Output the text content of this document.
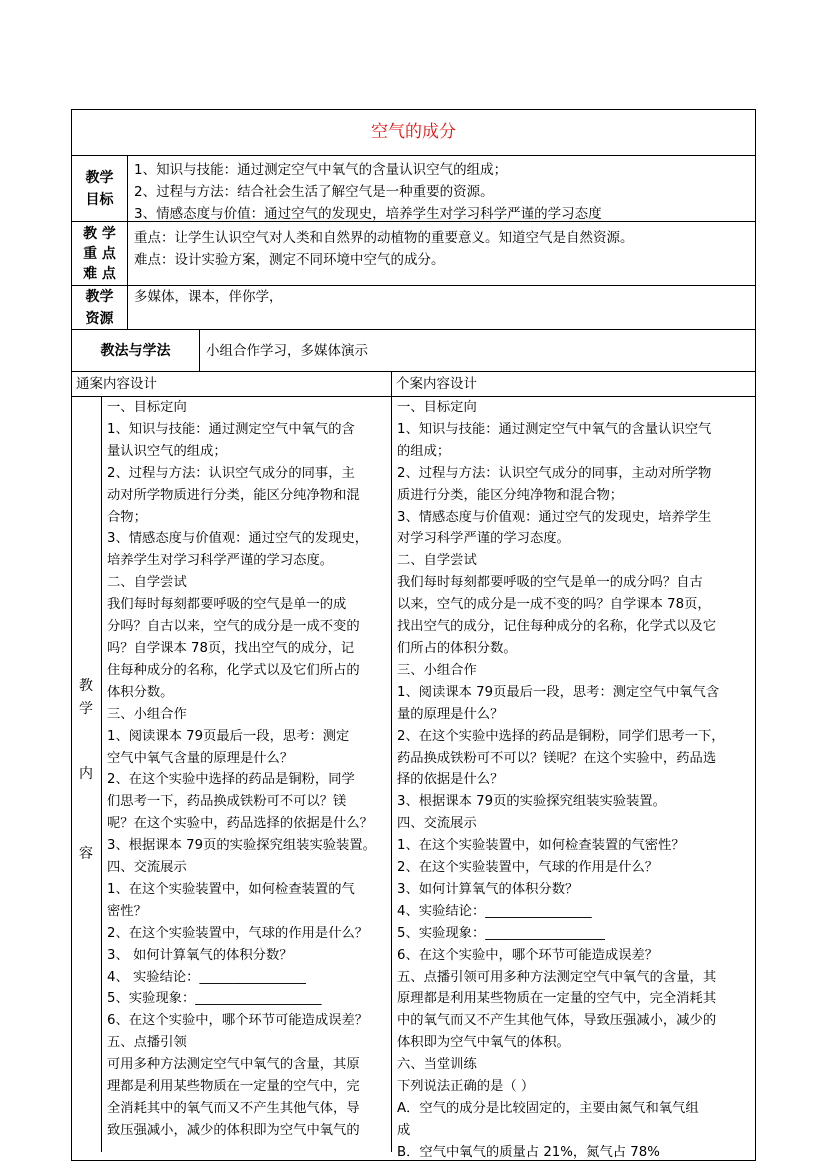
空气的成分
教学
目标
1、知识与技能：通过测定空气中氧气的含量认识空气的组成；
2、过程与方法：结合社会生活了解空气是一种重要的资源。
3、情感态度与价值：通过空气的发现史，培养学生对学习科学严谨的学习态度
教 学
重 点
难 点
重点：让学生认识空气对人类和自然界的动植物的重要意义。知道空气是自然资源。
难点：设计实验方案，测定不同环境中空气的成分。
教学
资源
多媒体，课本，伴你学，
教法与学法	小组合作学习，多媒体演示
通案内容设计	个案内容设计
教
学
内
容

一、目标定向

1、知识与技能：通过测定空气中氧气的含

量认识空气的组成；

2、过程与方法：认识空气成分的同事，主

动对所学物质进行分类，能区分纯净物和混

合物；

3、情感态度与价值观：通过空气的发现史，

培养学生对学习科学严谨的学习态度。

二、自学尝试

我们每时每刻都要呼吸的空气是单一的成

分吗？自古以来，空气的成分是一成不变的

吗？自学课本 78页，找出空气的成分，记

住每种成分的名称，化学式以及它们所占的

体积分数。

三、小组合作

1、阅读课本 79页最后一段，思考：测定

空气中氧气含量的原理是什么？

2、在这个实验中选择的药品是铜粉，同学

们思考一下，药品换成铁粉可不可以？镁

呢？在这个实验中，药品选择的依据是什么？

3、根据课本 79页的实验探究组装实验装置。

四、交流展示

1、在这个实验装置中，如何检查装置的气

密性？

2、在这个实验装置中，气球的作用是什么？

3、 如何计算氧气的体积分数？

4、 实验结论：________________

5、实验现象：___________________

6、在这个实验中，哪个环节可能造成误差？

五、点播引领

可用多种方法测定空气中氧气的含量，其原

理都是利用某些物质在一定量的空气中，完

全消耗其中的氧气而又不产生其他气体，导

致压强减小，减少的体积即为空气中氧气的

一、目标定向

1、知识与技能：通过测定空气中氧气的含量认识空气

的组成；

2、过程与方法：认识空气成分的同事，主动对所学物

质进行分类，能区分纯净物和混合物；

3、情感态度与价值观：通过空气的发现史，培养学生

对学习科学严谨的学习态度。

二、自学尝试

我们每时每刻都要呼吸的空气是单一的成分吗？自古

以来，空气的成分是一成不变的吗？自学课本 78页，

找出空气的成分，记住每种成分的名称，化学式以及它

们所占的体积分数。

三、小组合作

1、阅读课本 79页最后一段，思考：测定空气中氧气含

量的原理是什么？

2、在这个实验中选择的药品是铜粉，同学们思考一下，

药品换成铁粉可不可以？镁呢？在这个实验中，药品选

择的依据是什么？

3、根据课本 79页的实验探究组装实验装置。

四、交流展示

1、在这个实验装置中，如何检查装置的气密性？

2、在这个实验装置中，气球的作用是什么？

3、如何计算氧气的体积分数？

4、实验结论：________________

5、实验现象：__________________

6、在这个实验中，哪个环节可能造成误差？

五、点播引领可用多种方法测定空气中氧气的含量，其

原理都是利用某些物质在一定量的空气中，完全消耗其

中的氧气而又不产生其他气体，导致压强减小，减少的

体积即为空气中氧气的体积。

六、当堂训练

下列说法正确的是（ ）

A．空气的成分是比较固定的，主要由氮气和氧气组

成

B．空气中氧气的质量占 21%，氮气占 78%
